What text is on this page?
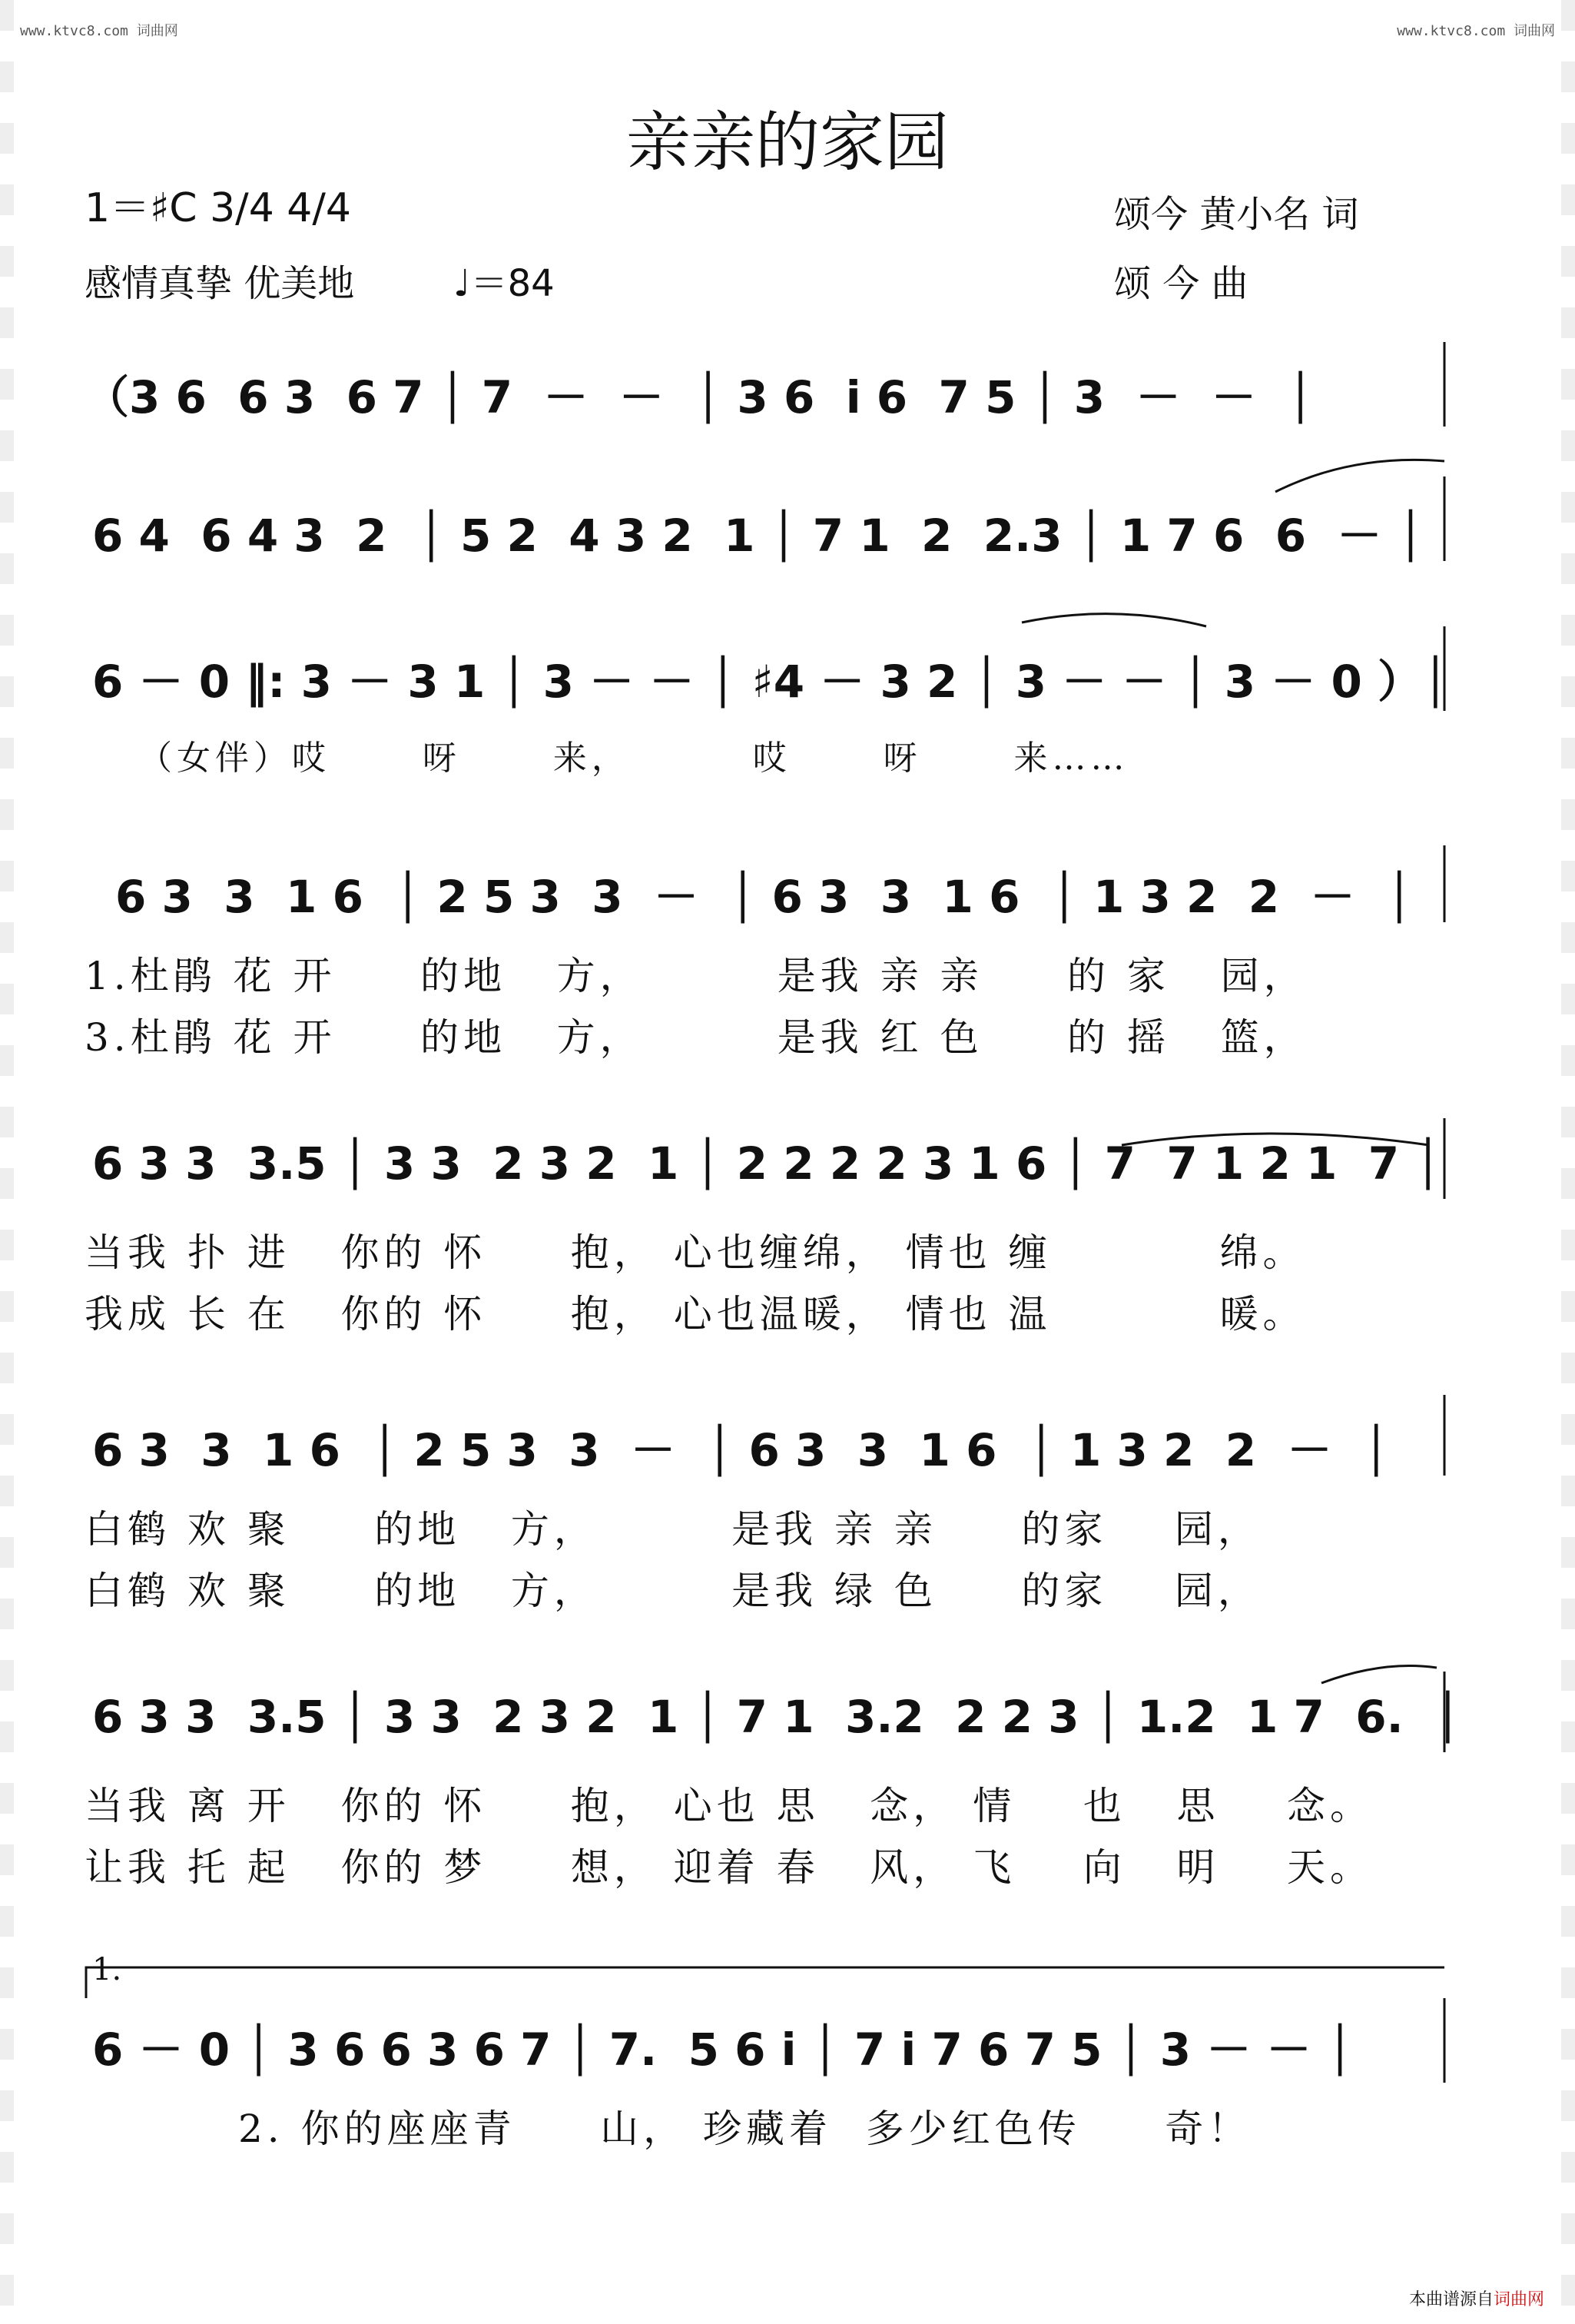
www.ktvc8.com 词曲网	www.ktvc8.com 词曲网
亲亲的家园
1＝♯C 3/4 4/4
感情真挚 优美地	♩＝84
颂今 黄小名 词
颂 今 曲
（3 6  6 3  6 7 │ 7  －  －  │ 3 6  i 6  7 5 │ 3  －  －  │
6 4  6 4 3  2  │ 5 2  4 3 2  1 │ 7 1  2  2.3 │ 1 7 6  6  － │
6 － 0 ‖: 3 － 3 1 │ 3 － － │ ♯4 － 3 2 │ 3 － － │ 3 － 0 ）│
（女伴）哎      呀      来，        哎      呀      来……
6 3  3  1 6  │ 2 5 3  3  －  │ 6 3  3  1 6  │ 1 3 2  2  －  │
1.杜鹃 花 开     的地   方，        是我 亲 亲     的 家   园，
3.杜鹃 花 开     的地   方，        是我 红 色     的 摇   篮，
6 3 3  3.5 │ 3 3  2 3 2  1 │ 2 2 2 2 3 1 6 │ 7  7 1 2 1  7 │
当我 扑 进   你的 怀     抱， 心也缠绵， 情也 缠          绵。
我成 长 在   你的 怀     抱， 心也温暖， 情也 温          暖。
6 3  3  1 6  │ 2 5 3  3  －  │ 6 3  3  1 6  │ 1 3 2  2  －  │
白鹤 欢 聚     的地   方，        是我 亲 亲     的家    园，
白鹤 欢 聚     的地   方，        是我 绿 色     的家    园，
6 3 3  3.5 │ 3 3  2 3 2  1 │ 7 1  3.2  2 2 3 │ 1.2  1 7  6.  │
当我 离 开   你的 怀     抱， 心也 思   念， 情    也   思    念。
让我 托 起   你的 梦     想， 迎着 春   风， 飞    向   明    天。
1.
6 － 0 │ 3 6 6 3 6 7 │ 7.  5 6 i │ 7 i 7 6 7 5 │ 3 － － │
2. 你的座座青     山， 珍藏着  多少红色传     奇！
本曲谱源自词曲网
